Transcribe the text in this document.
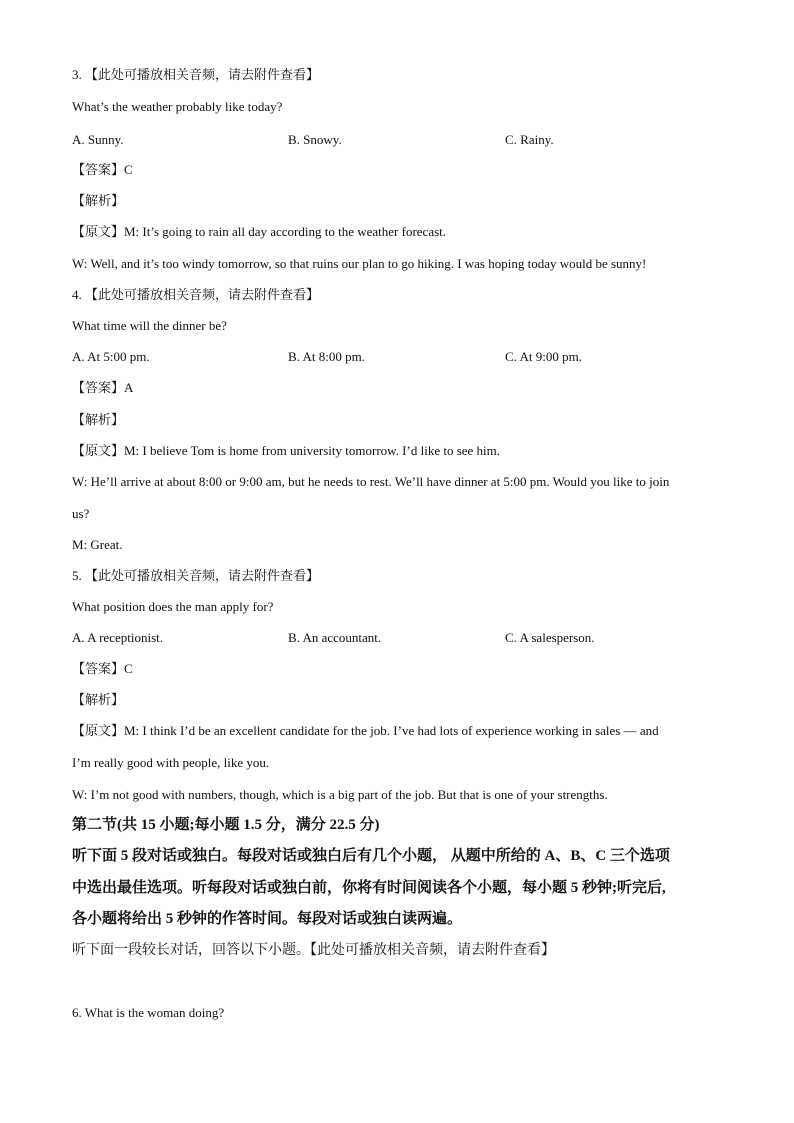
3. 【此处可播放相关音频，请去附件查看】
What’s the weather probably like today?
A. Sunny.	B. Snowy.	C. Rainy.
【答案】C
【解析】
【原文】M: It’s going to rain all day according to the weather forecast.
W: Well, and it’s too windy tomorrow, so that ruins our plan to go hiking. I was hoping today would be sunny!
4. 【此处可播放相关音频，请去附件查看】
What time will the dinner be?
A. At 5:00 pm.	B. At 8:00 pm.	C. At 9:00 pm.
【答案】A
【解析】
【原文】M: I believe Tom is home from university tomorrow. I’d like to see him.
W: He’ll arrive at about 8:00 or 9:00 am, but he needs to rest. We’ll have dinner at 5:00 pm. Would you like to join
us?
M: Great.
5. 【此处可播放相关音频，请去附件查看】
What position does the man apply for?
A. A receptionist.	B. An accountant.	C. A salesperson.
【答案】C
【解析】
【原文】M: I think I’d be an excellent candidate for the job. I’ve had lots of experience working in sales — and
I’m really good with people, like you.
W: I’m not good with numbers, though, which is a big part of the job. But that is one of your strengths.
第二节(共 15 小题;每小题 1.5 分，满分 22.5 分)
听下面 5 段对话或独白。每段对话或独白后有几个小题， 从题中所给的 A、B、C 三个选项
中选出最佳选项。听每段对话或独白前，你将有时间阅读各个小题，每小题 5 秒钟;听完后,
各小题将给出 5 秒钟的作答时间。每段对话或独白读两遍。
听下面一段较长对话，回答以下小题。【此处可播放相关音频，请去附件查看】
6. What is the woman doing?
